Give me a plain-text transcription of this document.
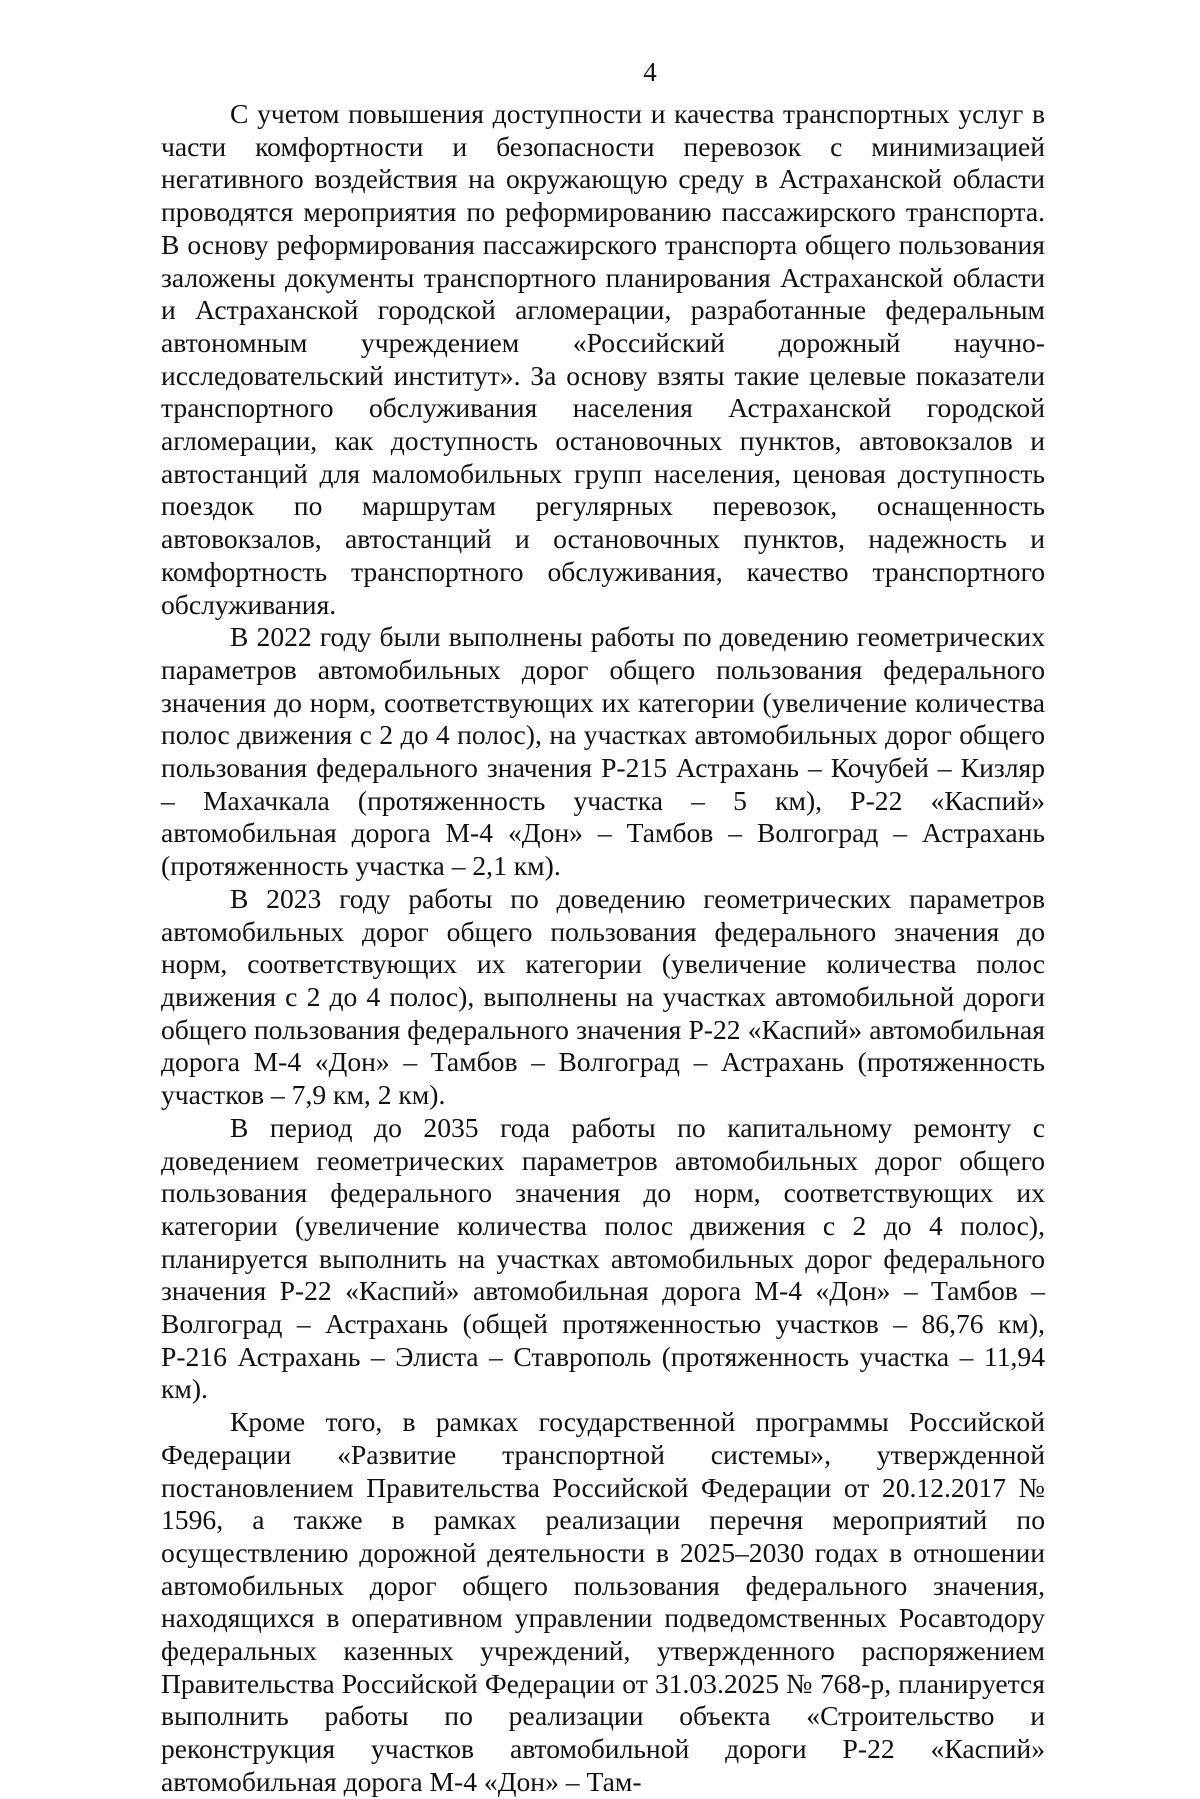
4

С учетом повышения доступности и качества транспортных услуг в части комфортности и безопасности перевозок с минимизацией негативного воздействия на окружающую среду в Астраханской области проводятся мероприятия по реформированию пассажирского транспорта. В основу реформирования пассажирского транспорта общего пользования заложены документы транспортного планирования Астраханской области и Астраханской городской агломерации, разработанные федеральным автономным учреждением «Российский дорожный научно-исследовательский институт». За основу взяты такие целевые показатели транспортного обслуживания населения Астраханской городской агломерации, как доступность остановочных пунктов, автовокзалов и автостанций для маломобильных групп населения, ценовая доступность поездок по маршрутам регулярных перевозок, оснащенность автовокзалов, автостанций и остановочных пунктов, надежность и комфортность транспортного обслуживания, качество транспортного обслуживания.

В 2022 году были выполнены работы по доведению геометрических параметров автомобильных дорог общего пользования федерального значения до норм, соответствующих их категории (увеличение количества полос движения с 2 до 4 полос), на участках автомобильных дорог общего пользования федерального значения Р-215 Астрахань – Кочубей – Кизляр – Махачкала (протяженность участка – 5 км), Р-22 «Каспий» автомобильная дорога М-4 «Дон» – Тамбов – Волгоград – Астрахань (протяженность участка – 2,1 км).

В 2023 году работы по доведению геометрических параметров автомобильных дорог общего пользования федерального значения до норм, соответствующих их категории (увеличение количества полос движения с 2 до 4 полос), выполнены на участках автомобильной дороги общего пользования федерального значения Р-22 «Каспий» автомобильная дорога М-4 «Дон» – Тамбов – Волгоград – Астрахань (протяженность участков – 7,9 км, 2 км).

В период до 2035 года работы по капитальному ремонту с доведением геометрических параметров автомобильных дорог общего пользования федерального значения до норм, соответствующих их категории (увеличение количества полос движения с 2 до 4 полос), планируется выполнить на участках автомобильных дорог федерального значения Р-22 «Каспий» автомобильная дорога М-4 «Дон» – Тамбов – Волгоград – Астрахань (общей протяженностью участков – 86,76 км), Р-216 Астрахань – Элиста – Ставрополь (протяженность участка – 11,94 км).

Кроме того, в рамках государственной программы Российской Федерации «Развитие транспортной системы», утвержденной постановлением Правительства Российской Федерации от 20.12.2017 № 1596, а также в рамках реализации перечня мероприятий по осуществлению дорожной деятельности в 2025–2030 годах в отношении автомобильных дорог общего пользования федерального значения, находящихся в оперативном управлении подведомственных Росавтодору федеральных казенных учреждений, утвержденного распоряжением Правительства Российской Федерации от 31.03.2025 № 768-р, планируется выполнить работы по реализации объекта «Строительство и реконструкция участков автомобильной дороги Р-22 «Каспий» автомобильная дорога М-4 «Дон» – Там-
